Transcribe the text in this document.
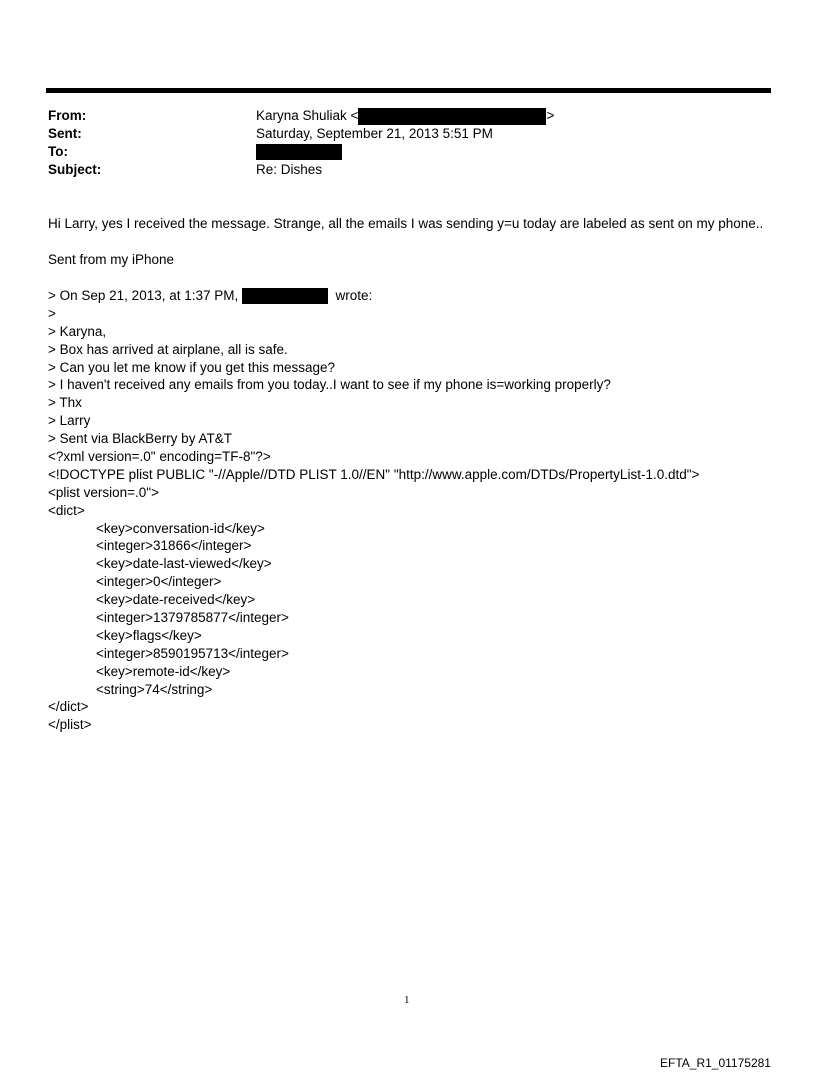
From:	Karyna Shuliak <	>
Sent:	Saturday, September 21, 2013 5:51 PM
To:
Subject:	Re: Dishes
Hi Larry, yes I received the message. Strange, all the emails I was sending y=u today are labeled as sent on my phone..
Sent from my iPhone
> On Sep 21, 2013, at 1:37 PM,	wrote:
>
> Karyna,
> Box has arrived at airplane, all is safe.
> Can you let me know if you get this message?
> I haven't received any emails from you today..I want to see if my phone is=working properly?
> Thx
> Larry
> Sent via BlackBerry by AT&T
<?xml version=.0" encoding=TF-8"?>
<!DOCTYPE plist PUBLIC "-//Apple//DTD PLIST 1.0//EN" "http://www.apple.com/DTDs/PropertyList-1.0.dtd">
<plist version=.0">
<dict>
<key>conversation-id</key>
<integer>31866</integer>
<key>date-last-viewed</key>
<integer>0</integer>
<key>date-received</key>
<integer>1379785877</integer>
<key>flags</key>
<integer>8590195713</integer>
<key>remote-id</key>
<string>74</string>
</dict>
</plist>
1
EFTA_R1_01175281
